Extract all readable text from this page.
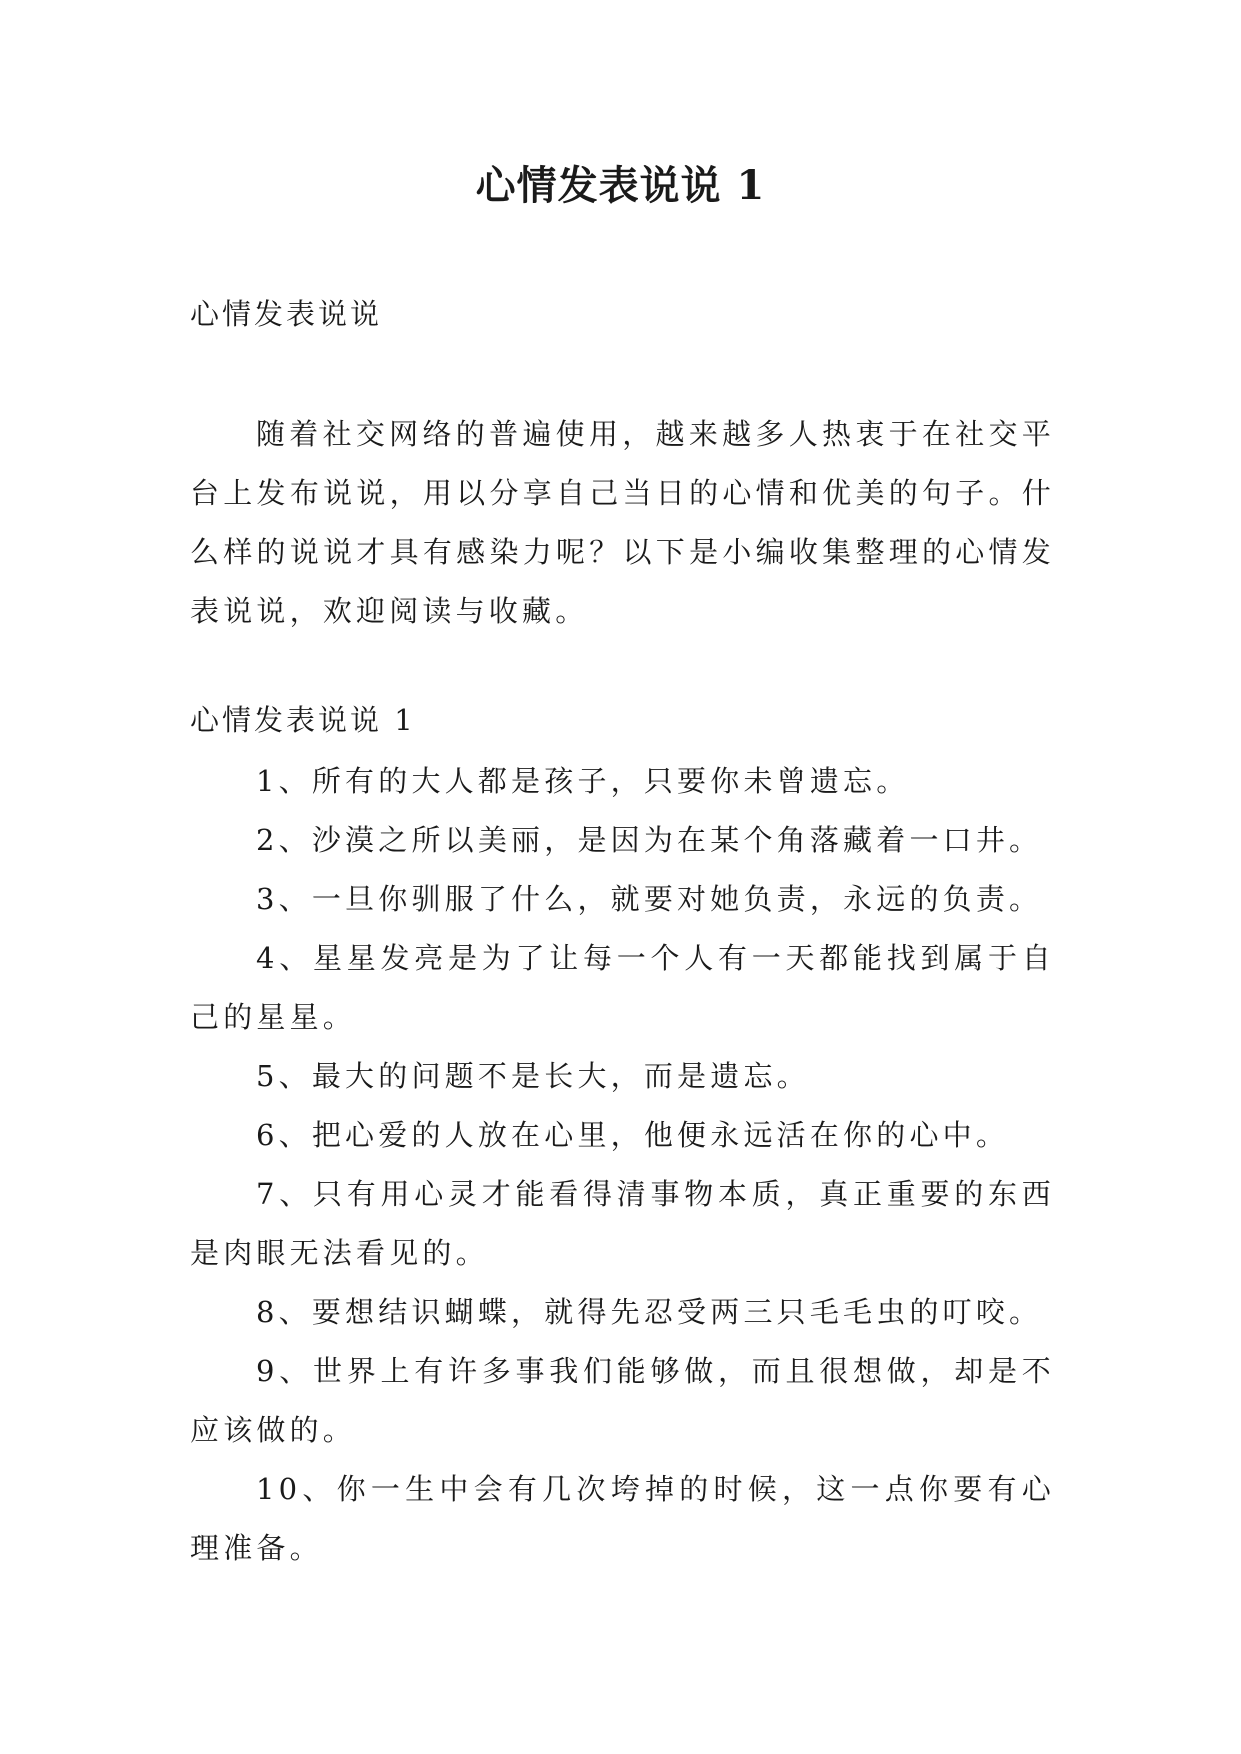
心情发表说说 1

心情发表说说

随着社交网络的普遍使用，越来越多人热衷于在社交平台上发布说说，用以分享自己当日的心情和优美的句子。什么样的说说才具有感染力呢？以下是小编收集整理的心情发表说说，欢迎阅读与收藏。

心情发表说说 1

1、所有的大人都是孩子，只要你未曾遗忘。
2、沙漠之所以美丽，是因为在某个角落藏着一口井。
3、一旦你驯服了什么，就要对她负责，永远的负责。
4、星星发亮是为了让每一个人有一天都能找到属于自己的星星。
5、最大的问题不是长大，而是遗忘。
6、把心爱的人放在心里，他便永远活在你的心中。
7、只有用心灵才能看得清事物本质，真正重要的东西是肉眼无法看见的。
8、要想结识蝴蝶，就得先忍受两三只毛毛虫的叮咬。
9、世界上有许多事我们能够做，而且很想做，却是不应该做的。
10、你一生中会有几次垮掉的时候，这一点你要有心理准备。
